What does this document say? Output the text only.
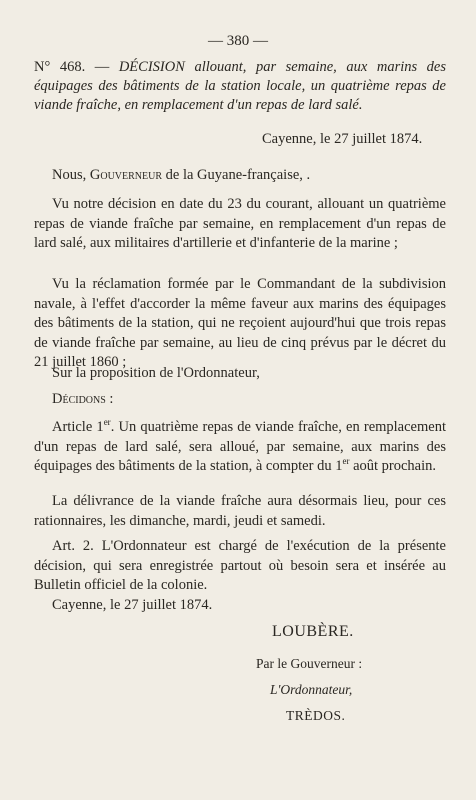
— 380 —
N° 468. — DÉCISION allouant, par semaine, aux marins des équipages des bâtiments de la station locale, un quatrième repas de viande fraîche, en remplacement d'un repas de lard salé.
Cayenne, le 27 juillet 1874.
Nous, Gouverneur de la Guyane-française, .
Vu notre décision en date du 23 du courant, allouant un quatrième repas de viande fraîche par semaine, en remplacement d'un repas de lard salé, aux militaires d'artillerie et d'infanterie de la marine ;
Vu la réclamation formée par le Commandant de la subdivision navale, à l'effet d'accorder la même faveur aux marins des équipages des bâtiments de la station, qui ne reçoient aujourd'hui que trois repas de viande fraîche par semaine, au lieu de cinq prévus par le décret du 21 juillet 1860 ;
Sur la proposition de l'Ordonnateur,
Décidons :
Article 1er. Un quatrième repas de viande fraîche, en remplacement d'un repas de lard salé, sera alloué, par semaine, aux marins des équipages des bâtiments de la station, à compter du 1er août prochain.
La délivrance de la viande fraîche aura désormais lieu, pour ces rationnaires, les dimanche, mardi, jeudi et samedi.
Art. 2. L'Ordonnateur est chargé de l'exécution de la présente décision, qui sera enregistrée partout où besoin sera et insérée au Bulletin officiel de la colonie.
Cayenne, le 27 juillet 1874.
LOUBÈRE.
Par le Gouverneur :
L'Ordonnateur,
TRÈDOS.
